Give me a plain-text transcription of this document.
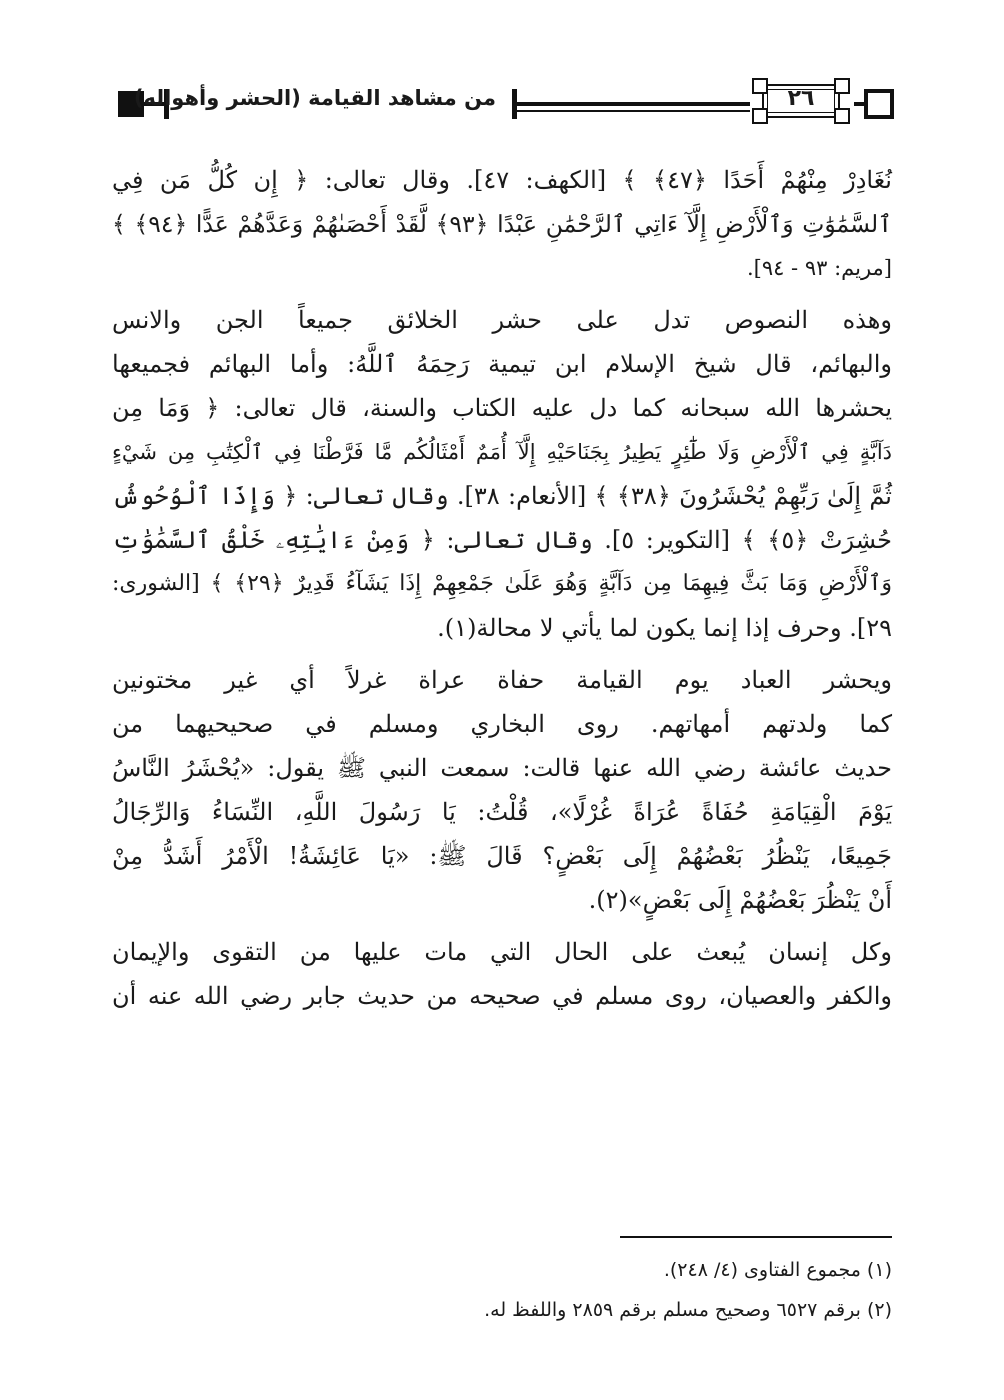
من مشاهد القيامة (الحشر وأهواله)	٢٦
نُغَادِرْ مِنْهُمْ أَحَدًا ﴿٤٧﴾ ﴾ [الكهف: ٤٧]. وقال تعالى: ﴿ إِن كُلُّ مَن فِي
ٱلسَّمَٰوَٰتِ وَٱلْأَرْضِ إِلَّآ ءَاتِي ٱلرَّحْمَٰنِ عَبْدًا ﴿٩٣﴾ لَّقَدْ أَحْصَىٰهُمْ وَعَدَّهُمْ عَدًّا ﴿٩٤﴾ ﴾
[مريم: ٩٣ - ٩٤].
وهذه النصوص تدل على حشر الخلائق جميعاً الجن والانس
والبهائم، قال شيخ الإسلام ابن تيمية رَحِمَهُ ٱللَّهُ: وأما البهائم فجميعها
يحشرها الله سبحانه كما دل عليه الكتاب والسنة، قال تعالى: ﴿ وَمَا مِن
دَآبَّةٍ فِي ٱلْأَرْضِ وَلَا طَٰٓئِرٍ يَطِيرُ بِجَنَاحَيْهِ إِلَّآ أُمَمٌ أَمْثَالُكُم مَّا فَرَّطْنَا فِي ٱلْكِتَٰبِ مِن شَيْءٍ
ثُمَّ إِلَىٰ رَبِّهِمْ يُحْشَرُونَ ﴿٣٨﴾ ﴾ [الأنعام: ٣٨]. وقال تعالى: ﴿ وَإِذَا ٱلْوُحُوشُ
حُشِرَتْ ﴿٥﴾ ﴾ [التكوير: ٥]. وقال تعالى: ﴿ وَمِنْ ءَايَٰتِهِۦ خَلْقُ ٱلسَّمَٰوَٰتِ
وَٱلْأَرْضِ وَمَا بَثَّ فِيهِمَا مِن دَآبَّةٍ وَهُوَ عَلَىٰ جَمْعِهِمْ إِذَا يَشَآءُ قَدِيرٌ ﴿٢٩﴾ ﴾ [الشورى:
٢٩]. وحرف إذا إنما يكون لما يأتي لا محالة(١).
ويحشر العباد يوم القيامة حفاة عراة غرلاً أي غير مختونين
كما ولدتهم أمهاتهم. روى البخاري ومسلم في صحيحيهما من
حديث عائشة رضي الله عنها قالت: سمعت النبي ﷺ يقول: «يُحْشَرُ النَّاسُ
يَوْمَ الْقِيَامَةِ حُفَاةً عُرَاةً غُرْلًا»، قُلْتُ: يَا رَسُولَ اللَّهِ، النِّسَاءُ وَالرِّجَالُ
جَمِيعًا، يَنْظُرُ بَعْضُهُمْ إِلَى بَعْضٍ؟ قَالَ ﷺ: «يَا عَائِشَةُ! الْأَمْرُ أَشَدُّ مِنْ
أَنْ يَنْظُرَ بَعْضُهُمْ إِلَى بَعْضٍ»(٢).
وكل إنسان يُبعث على الحال التي مات عليها من التقوى والإيمان
والكفر والعصيان، روى مسلم في صحيحه من حديث جابر رضي الله عنه أن
(١) مجموع الفتاوى (٤/ ٢٤٨).
(٢) برقم ٦٥٢٧ وصحيح مسلم برقم ٢٨٥٩ واللفظ له.
